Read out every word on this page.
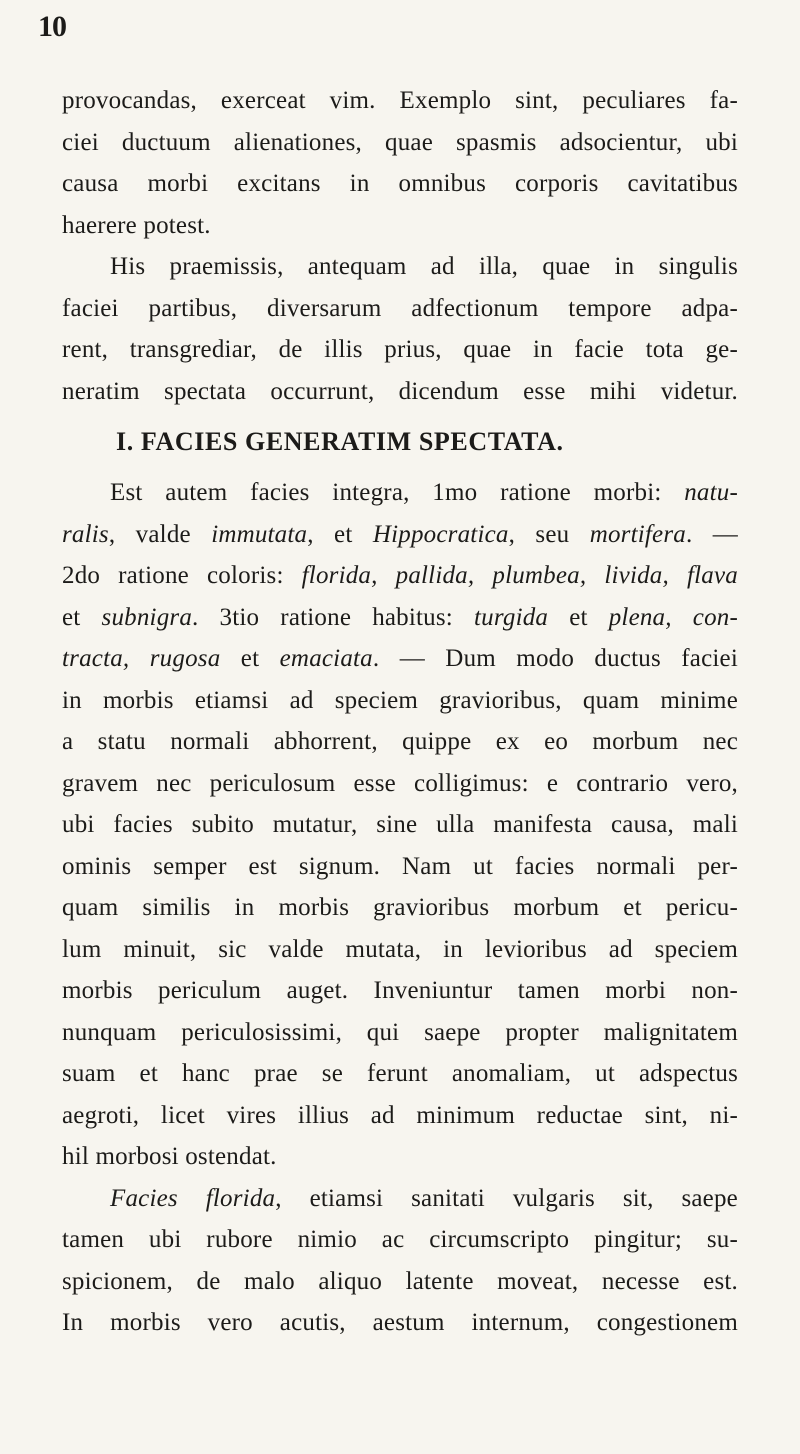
10
provocandas, exerceat vim. Exemplo sint, peculiares fa-
ciei ductuum alienationes, quae spasmis adsocientur, ubi
causa morbi excitans in omnibus corporis cavitatibus
haerere potest.
His praemissis, antequam ad illa, quae in singulis
faciei partibus, diversarum adfectionum tempore adpa-
rent, transgrediar, de illis prius, quae in facie tota ge-
neratim spectata occurrunt, dicendum esse mihi videtur.
I. FACIES GENERATIM SPECTATA.
Est autem facies integra, 1mo ratione morbi: natu-
ralis, valde immutata, et Hippocratica, seu mortifera. —
2do ratione coloris: florida, pallida, plumbea, livida, flava
et subnigra. 3tio ratione habitus: turgida et plena, con-
tracta, rugosa et emaciata. — Dum modo ductus faciei
in morbis etiamsi ad speciem gravioribus, quam minime
a statu normali abhorrent, quippe ex eo morbum nec
gravem nec periculosum esse colligimus: e contrario vero,
ubi facies subito mutatur, sine ulla manifesta causa, mali
ominis semper est signum. Nam ut facies normali per-
quam similis in morbis gravioribus morbum et pericu-
lum minuit, sic valde mutata, in levioribus ad speciem
morbis periculum auget. Inveniuntur tamen morbi non-
nunquam periculosissimi, qui saepe propter malignitatem
suam et hanc prae se ferunt anomaliam, ut adspectus
aegroti, licet vires illius ad minimum reductae sint, ni-
hil morbosi ostendat.
Facies florida, etiamsi sanitati vulgaris sit, saepe
tamen ubi rubore nimio ac circumscripto pingitur; su-
spicionem, de malo aliquo latente moveat, necesse est.
In morbis vero acutis, aestum internum, congestionem
